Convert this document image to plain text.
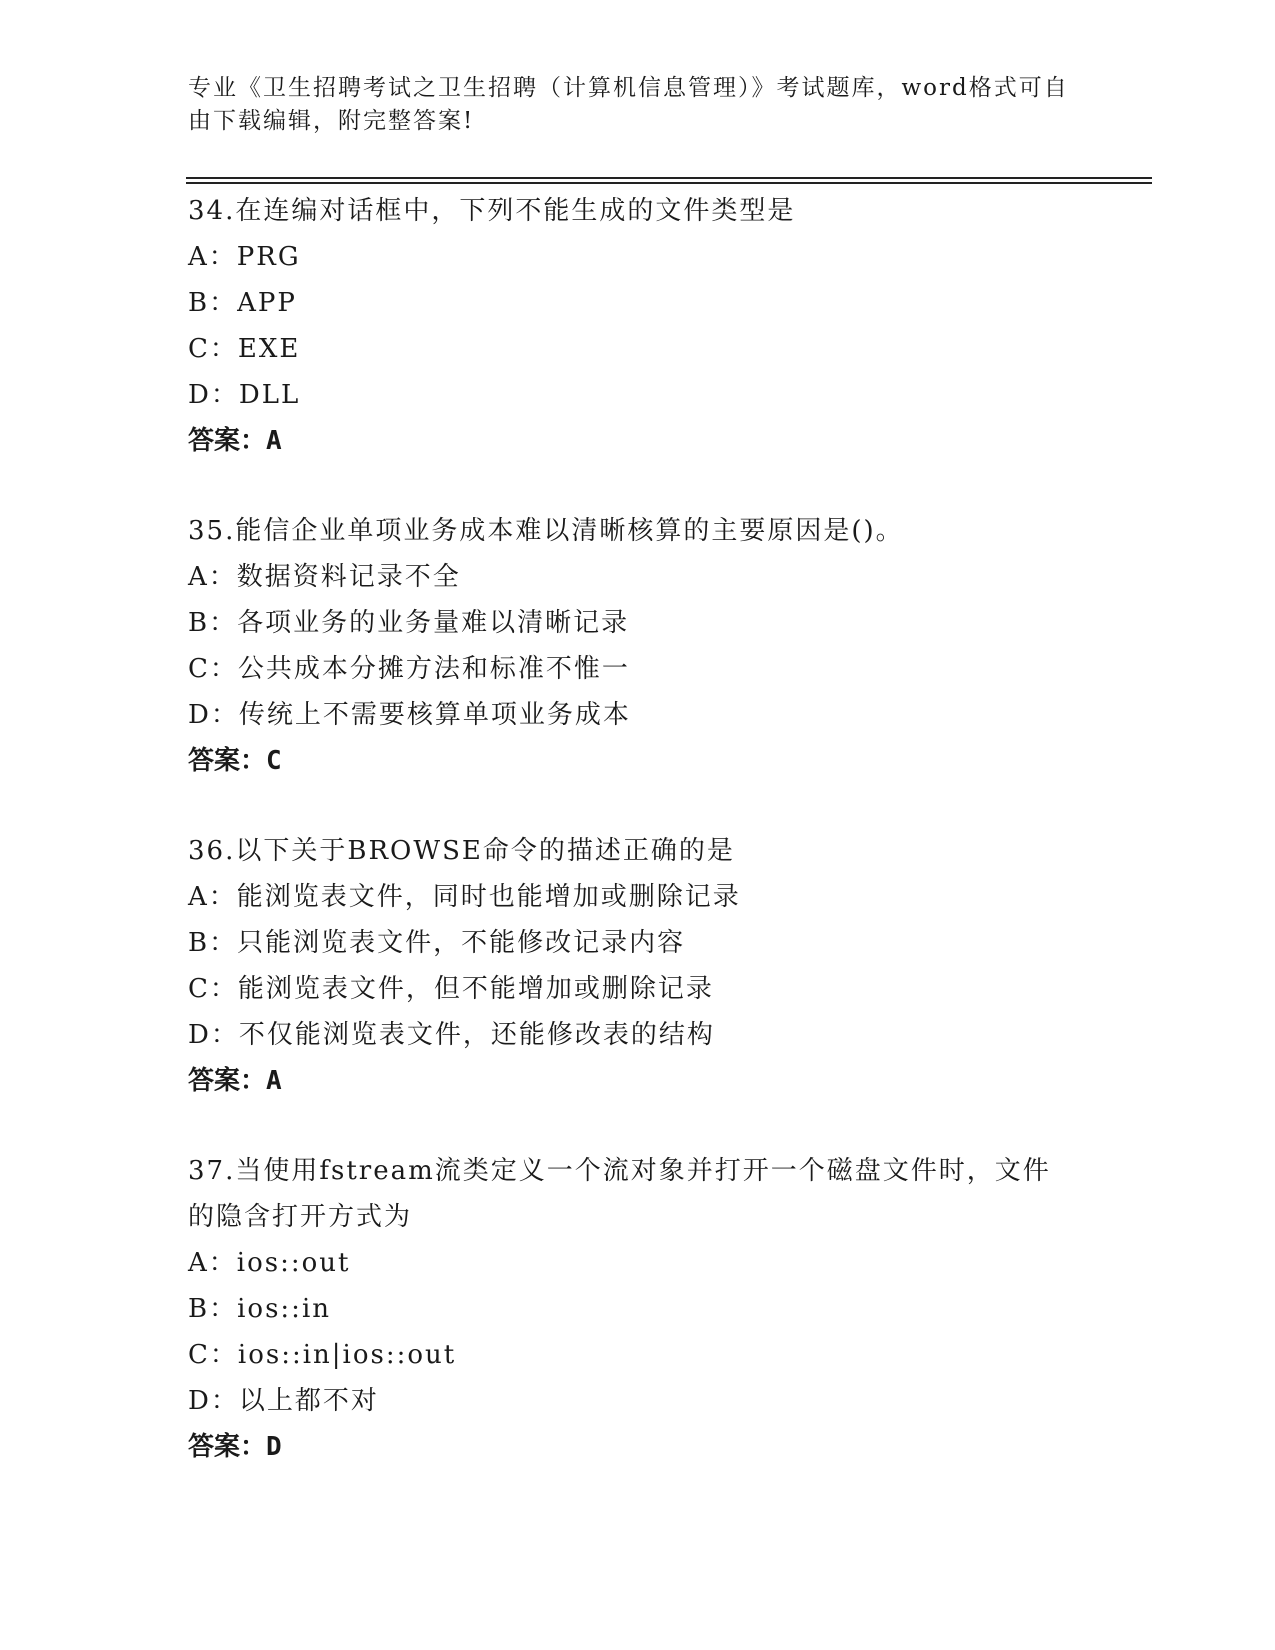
专业《卫生招聘考试之卫生招聘（计算机信息管理）》考试题库，word格式可自
由下载编辑，附完整答案!

34.在连编对话框中，下列不能生成的文件类型是

A：PRG

B：APP

C：EXE

D：DLL

答案：A

35.能信企业单项业务成本难以清晰核算的主要原因是()。

A：数据资料记录不全

B：各项业务的业务量难以清晰记录

C：公共成本分摊方法和标准不惟一

D：传统上不需要核算单项业务成本

答案：C

36.以下关于BROWSE命令的描述正确的是

A：能浏览表文件，同时也能增加或删除记录

B：只能浏览表文件，不能修改记录内容

C：能浏览表文件，但不能增加或删除记录

D：不仅能浏览表文件，还能修改表的结构

答案：A

37.当使用fstream流类定义一个流对象并打开一个磁盘文件时，文件

的隐含打开方式为

A：ios::out

B：ios::in

C：ios::in|ios::out

D：以上都不对

答案：D
